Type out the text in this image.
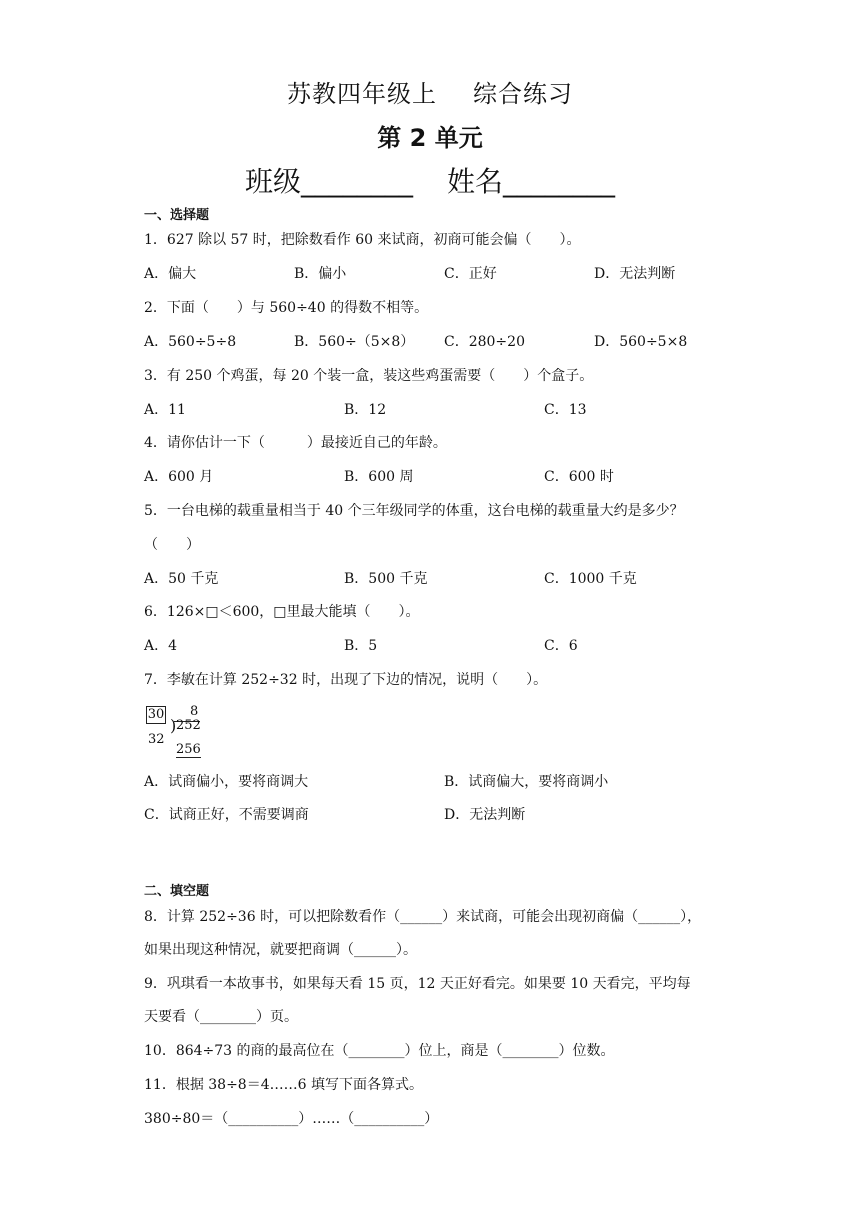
苏教四年级上 综合练习
第 2 单元
班级________ 姓名________
一、选择题
1．627 除以 57 时，把除数看作 60 来试商，初商可能会偏（　　）。
A．偏大	B．偏小	C．正好	D．无法判断
2．下面（　　）与 560÷40 的得数不相等。
A．560÷5÷8	B．560÷（5×8） C．280÷20	D．560÷5×8
3．有 250 个鸡蛋，每 20 个装一盒，装这些鸡蛋需要（　　）个盒子。
A．11	B．12	C．13
4．请你估计一下（　　　）最接近自己的年龄。
A．600 月	B．600 周	C．600 时
5．一台电梯的载重量相当于 40 个三年级同学的体重，这台电梯的载重量大约是多少？
（　　）
A．50 千克	B．500 千克	C．1000 千克
6．126×□＜600，□里最大能填（　　）。
A．4	B．5	C．6
7．李敏在计算 252÷32 时，出现了下边的情况，说明（　　）。
30 8
) 252
32
256
A．试商偏小，要将商调大	B．试商偏大，要将商调小
C．试商正好，不需要调商	D．无法判断
二、填空题
8．计算 252÷36 时，可以把除数看作（______）来试商，可能会出现初商偏（______），
如果出现这种情况，就要把商调（______）。
9．巩琪看一本故事书，如果每天看 15 页，12 天正好看完。如果要 10 天看完，平均每
天要看（________）页。
10．864÷73 的商的最高位在（________）位上，商是（________）位数。
11．根据 38÷8＝4……6 填写下面各算式。
380÷80＝（__________）……（__________）
